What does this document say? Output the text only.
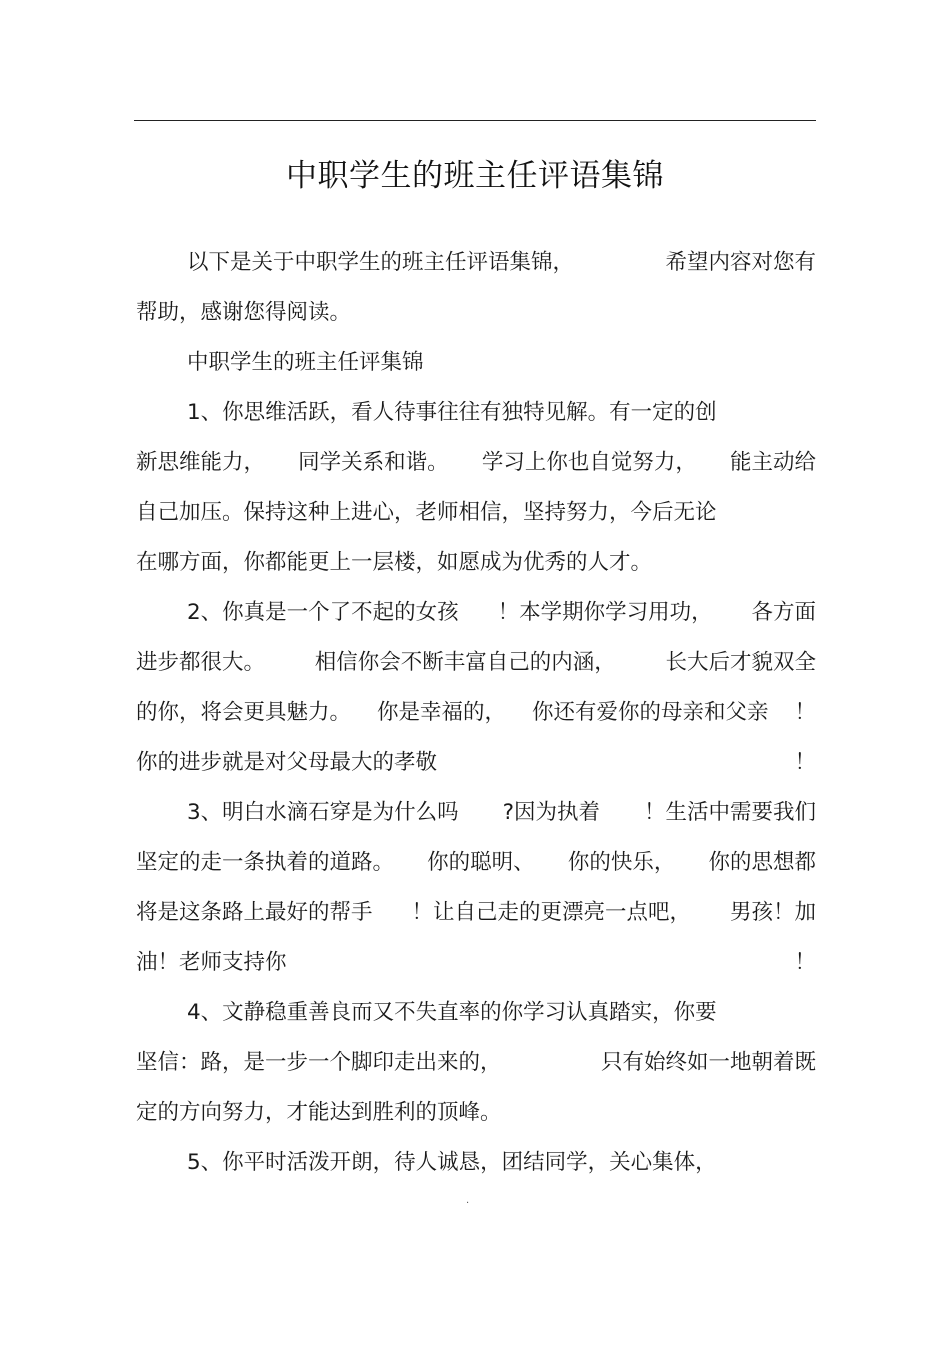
中职学生的班主任评语集锦
以下是关于中职学生的班主任评语集锦，	希望内容对您有
帮助，感谢您得阅读。
中职学生的班主任评集锦
1、你思维活跃，看人待事往往有独特见解。有一定的创
新思维能力， 同学关系和谐。 学习上你也自觉努力， 能主动给
自己加压。保持这种上进心，老师相信，坚持努力，今后无论
在哪方面，你都能更上一层楼，如愿成为优秀的人才。
2、你真是一个了不起的女孩 ！本学期你学习用功， 各方面
进步都很大。 相信你会不断丰富自己的内涵， 长大后才貌双全
的你，将会更具魅力。 你是幸福的， 你还有爱你的母亲和父亲 ！
你的进步就是对父母最大的孝敬	！
3、明白水滴石穿是为什么吗 ?因为执着 ！生活中需要我们
坚定的走一条执着的道路。 你的聪明、 你的快乐， 你的思想都
将是这条路上最好的帮手 ！让自己走的更漂亮一点吧， 男孩！加
油！老师支持你	！
4、文静稳重善良而又不失直率的你学习认真踏实，你要
坚信：路，是一步一个脚印走出来的，	只有始终如一地朝着既
定的方向努力，才能达到胜利的顶峰。
5、你平时活泼开朗，待人诚恳，团结同学，关心集体，
.
